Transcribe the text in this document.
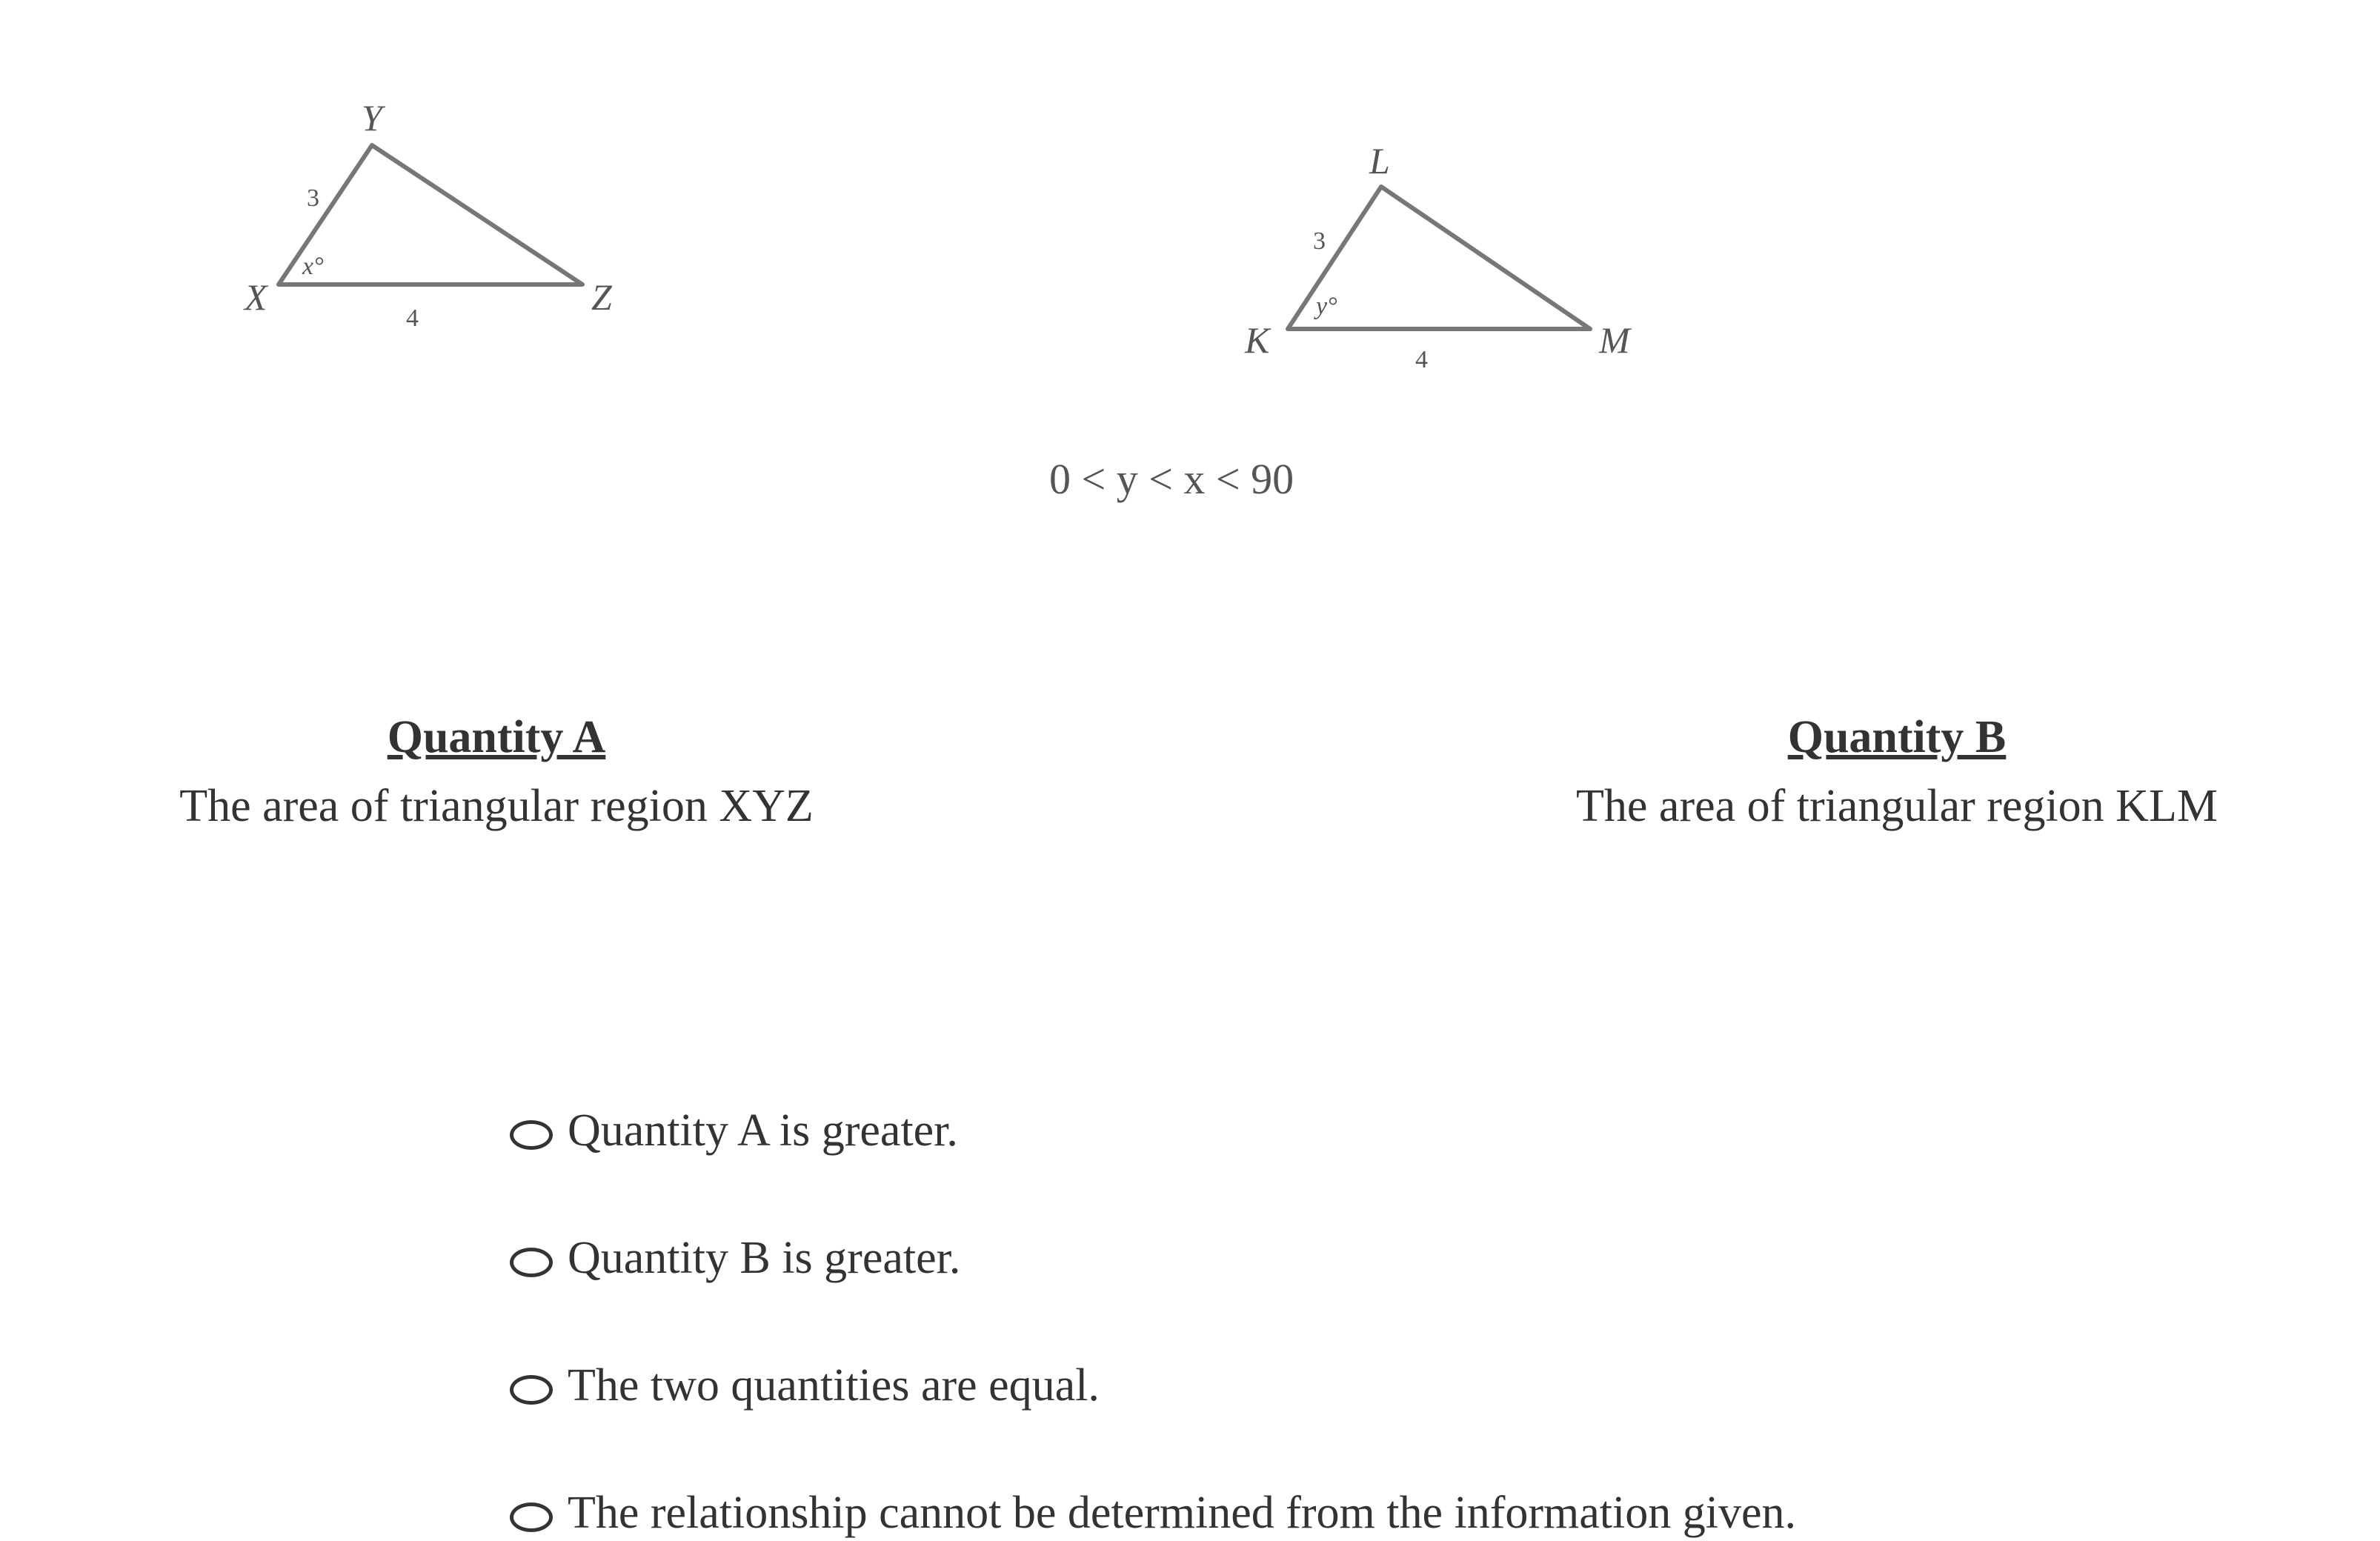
X
Y
Z
3
4
x°
K
L
M
3
4
y°
0 < y < x < 90
Quantity A
The area of triangular region XYZ
Quantity B
The area of triangular region KLM
Quantity A is greater.
Quantity B is greater.
The two quantities are equal.
The relationship cannot be determined from the information given.
